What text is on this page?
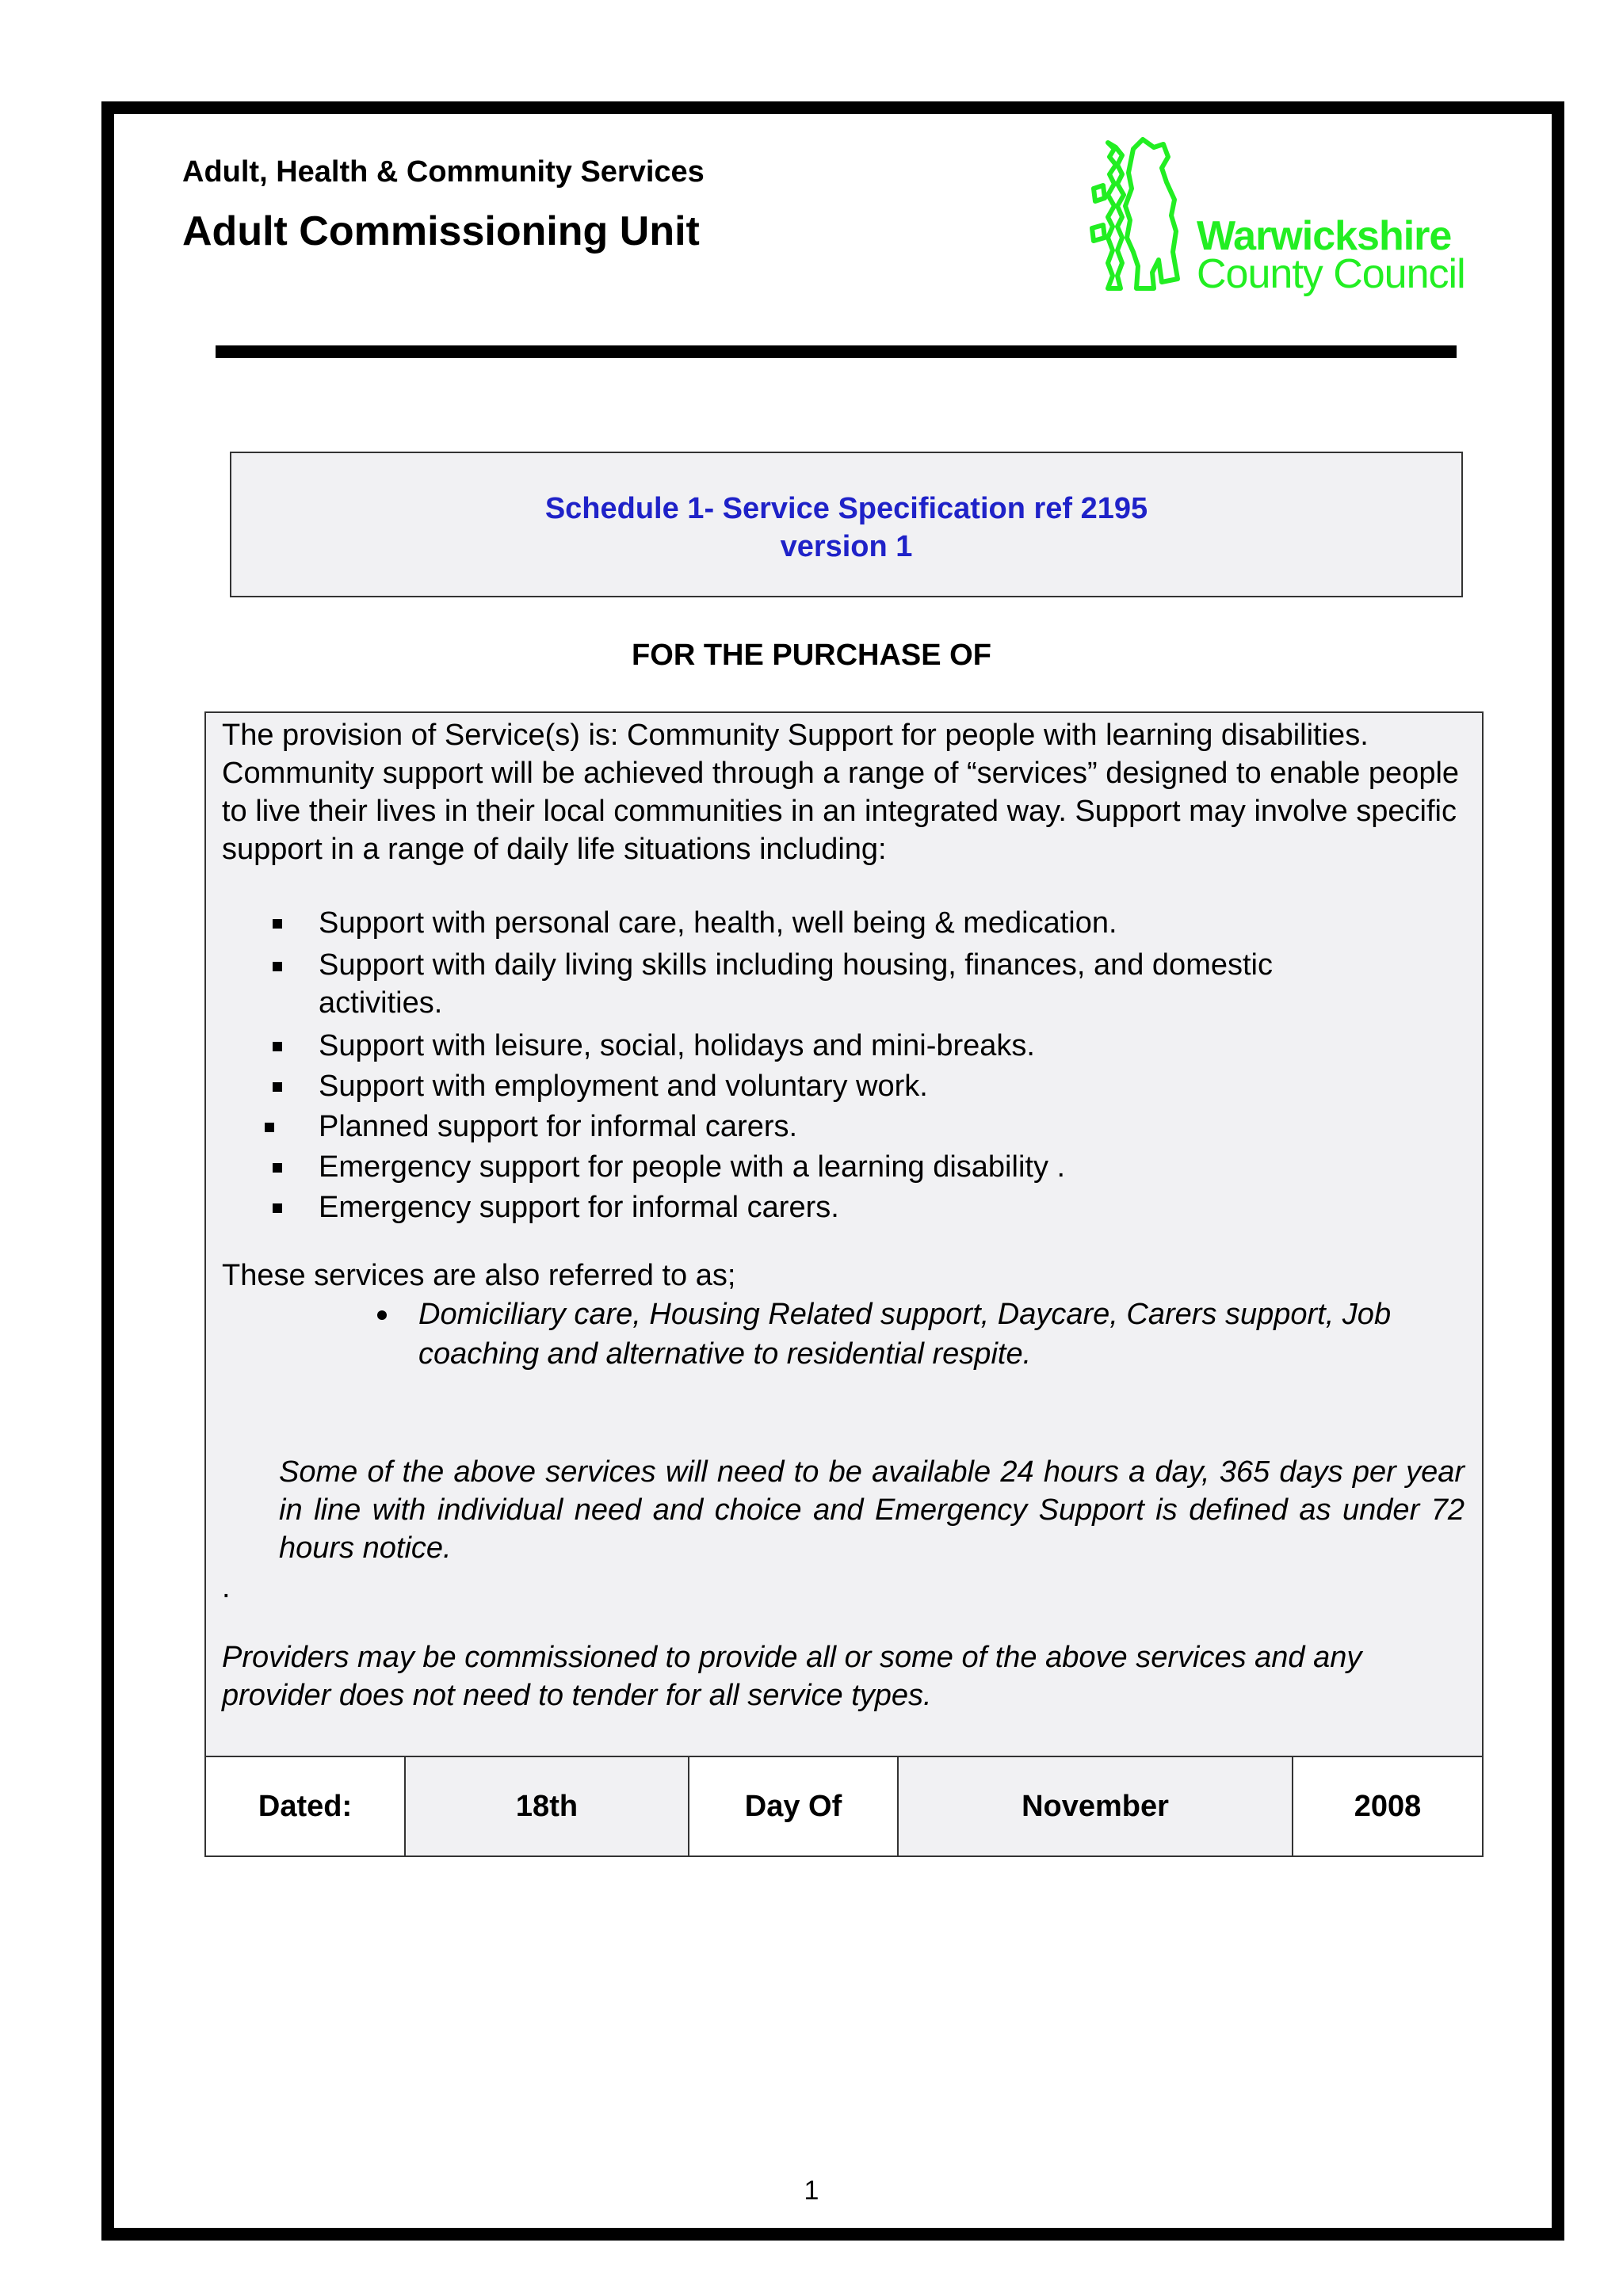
Adult, Health & Community Services
Adult Commissioning Unit	Warwickshire
County Council
Schedule 1- Service Specification ref 2195
version 1
FOR THE PURCHASE OF
The provision of Service(s) is: Community Support for people with learning disabilities. Community support will be achieved through a range of “services” designed to enable people to live their lives in their local communities in an integrated way. Support may involve specific support in a range of daily life situations including:
Support with personal care, health, well being & medication.
Support with daily living skills including housing, finances, and domestic activities.
Support with leisure, social, holidays and mini-breaks.
Support with employment and voluntary work.
Planned support for informal carers.
Emergency support for people with a learning disability .
Emergency support for informal carers.
These services are also referred to as;
Domiciliary care, Housing Related support, Daycare, Carers support, Job coaching and alternative to residential respite.
Some of the above services will need to be available 24 hours a day, 365 days per year in line with individual need and choice and Emergency Support is defined as under 72 hours notice.
.
Providers may be commissioned to provide all or some of the above services and any provider does not need to tender for all service types.
Dated:	18th	Day Of	November	2008
1
